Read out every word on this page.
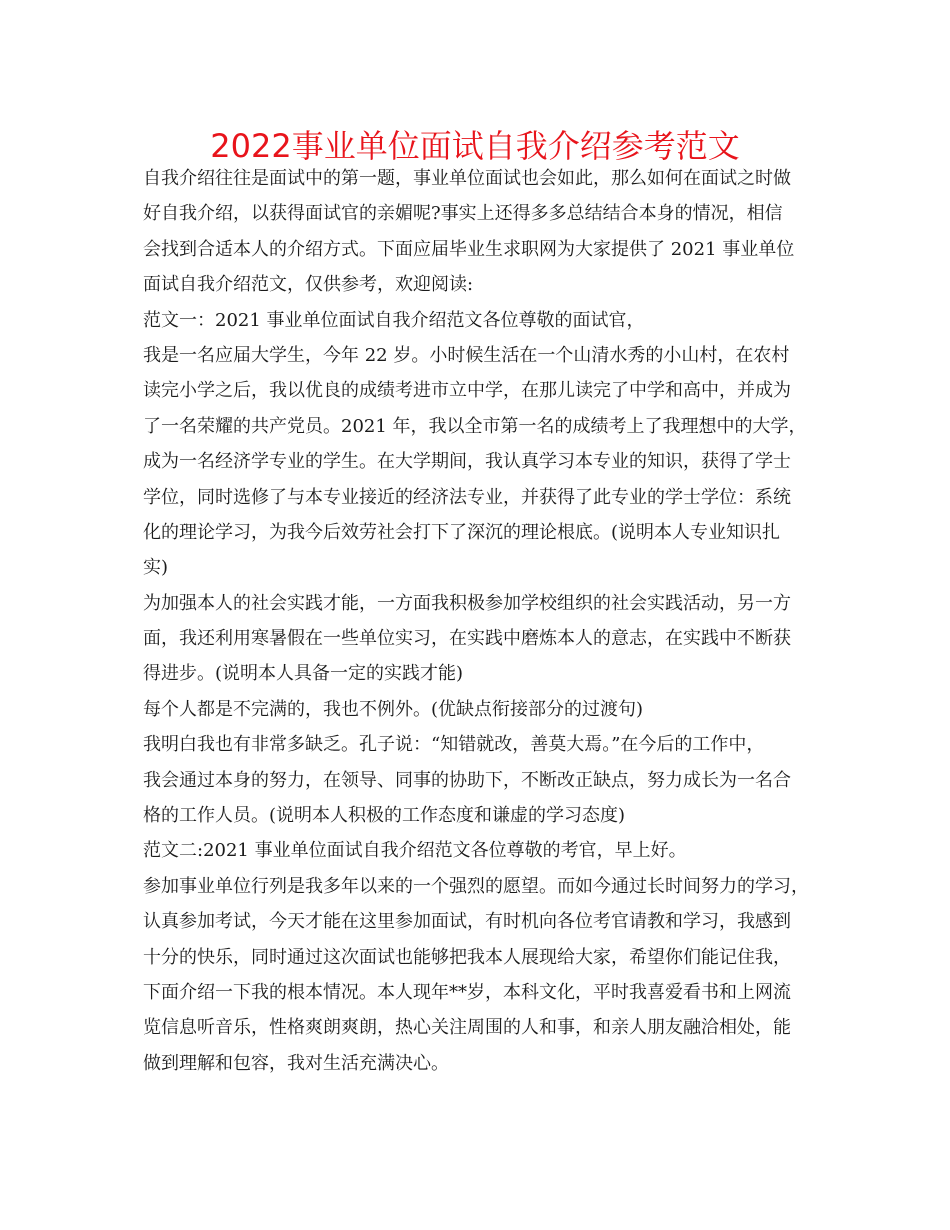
2022事业单位面试自我介绍参考范文
自我介绍往往是面试中的第一题，事业单位面试也会如此，那么如何在面试之时做
好自我介绍，以获得面试官的亲媚呢?事实上还得多多总结结合本身的情况，相信
会找到合适本人的介绍方式。下面应届毕业生求职网为大家提供了 2021 事业单位
面试自我介绍范文，仅供参考，欢迎阅读:
范文一：2021 事业单位面试自我介绍范文各位尊敬的面试官，
我是一名应届大学生，今年 22 岁。小时候生活在一个山清水秀的小山村，在农村
读完小学之后，我以优良的成绩考进市立中学，在那儿读完了中学和高中，并成为
了一名荣耀的共产党员。2021 年，我以全市第一名的成绩考上了我理想中的大学，
成为一名经济学专业的学生。在大学期间，我认真学习本专业的知识，获得了学士
学位，同时选修了与本专业接近的经济法专业，并获得了此专业的学士学位：系统
化的理论学习，为我今后效劳社会打下了深沉的理论根底。(说明本人专业知识扎
实)
为加强本人的社会实践才能，一方面我积极参加学校组织的社会实践活动，另一方
面，我还利用寒暑假在一些单位实习，在实践中磨炼本人的意志，在实践中不断获
得进步。(说明本人具备一定的实践才能)
每个人都是不完满的，我也不例外。(优缺点衔接部分的过渡句)
我明白我也有非常多缺乏。孔子说：“知错就改，善莫大焉。”在今后的工作中，
我会通过本身的努力，在领导、同事的协助下，不断改正缺点，努力成长为一名合
格的工作人员。(说明本人积极的工作态度和谦虚的学习态度)
范文二:2021 事业单位面试自我介绍范文各位尊敬的考官，早上好。
参加事业单位行列是我多年以来的一个强烈的愿望。而如今通过长时间努力的学习，
认真参加考试，今天才能在这里参加面试，有时机向各位考官请教和学习，我感到
十分的快乐，同时通过这次面试也能够把我本人展现给大家，希望你们能记住我，
下面介绍一下我的根本情况。本人现年**岁，本科文化，平时我喜爱看书和上网流
览信息听音乐，性格爽朗爽朗，热心关注周围的人和事，和亲人朋友融洽相处，能
做到理解和包容，我对生活充满决心。
